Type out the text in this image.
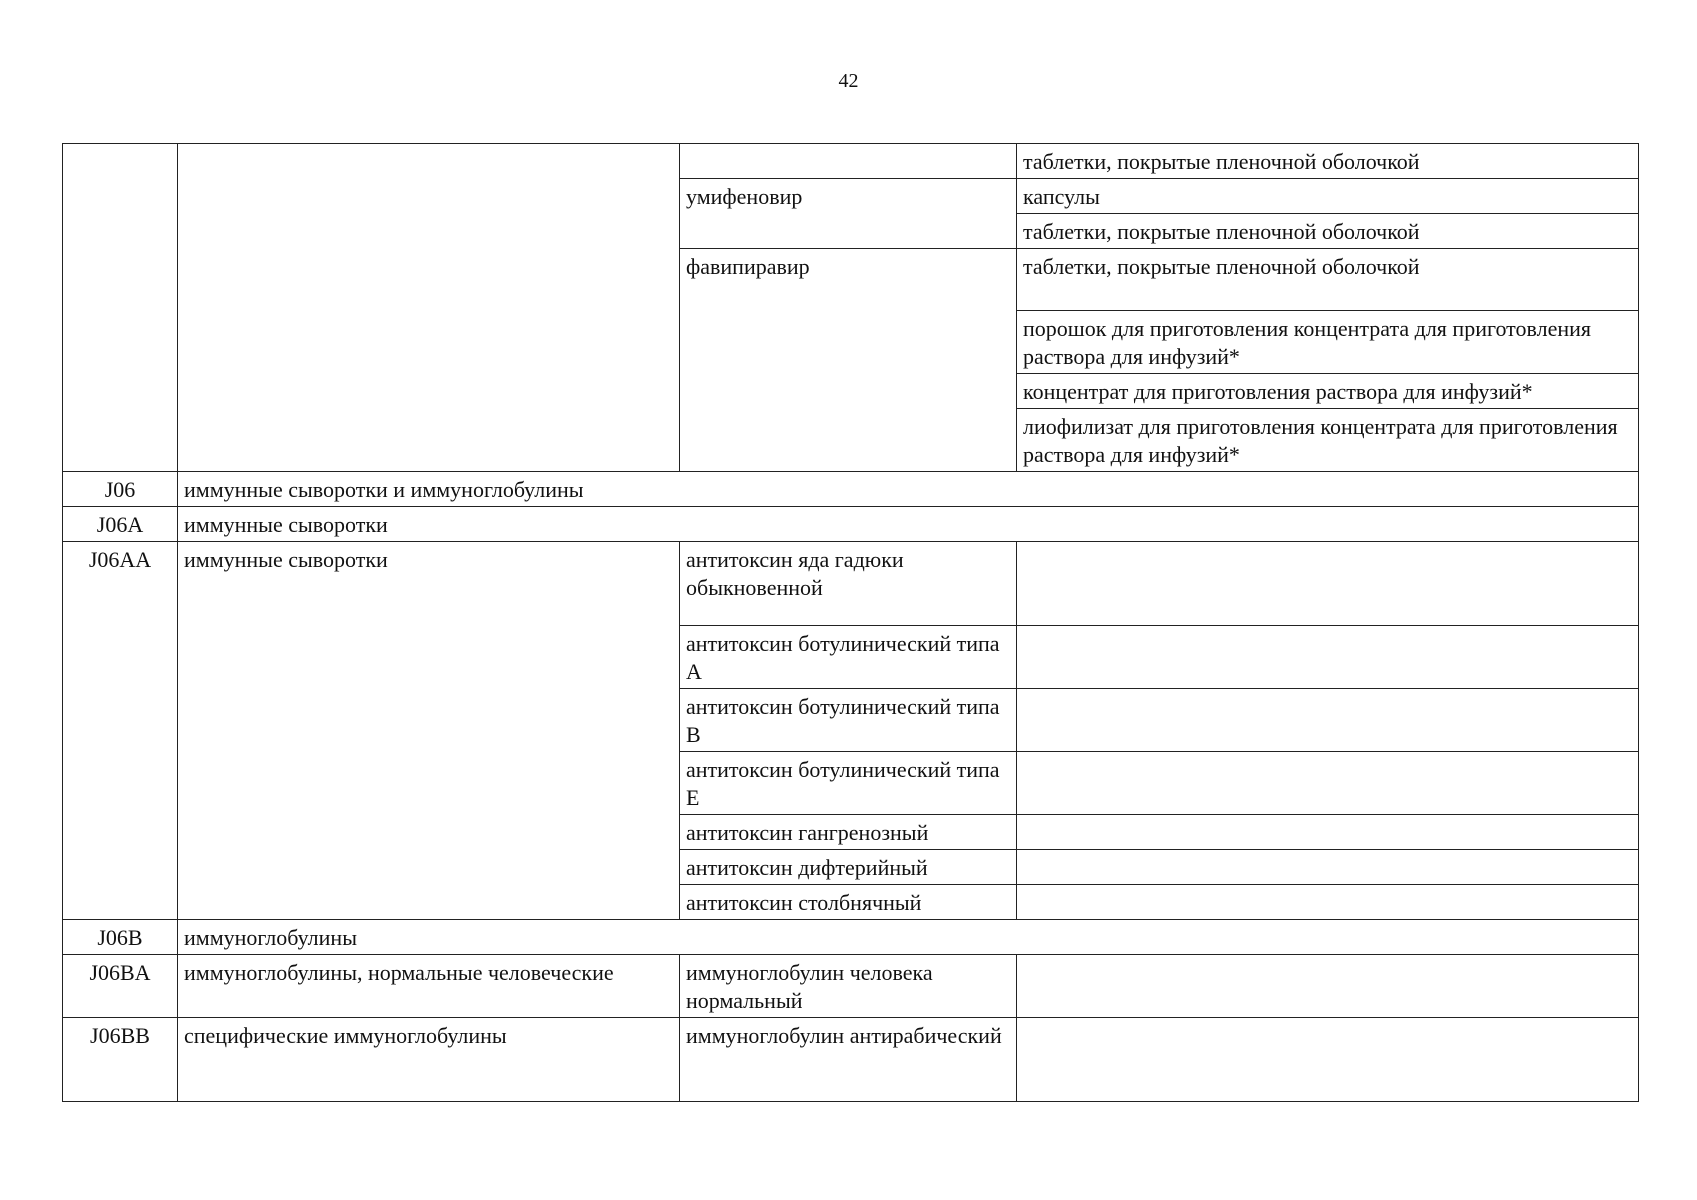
42
			таблетки, покрытые пленочной оболочкой
		умифеновир	капсулы
			таблетки, покрытые пленочной оболочкой
		фавипиравир	таблетки, покрытые пленочной оболочкой
			порошок для приготовления концентрата для приготовления раствора для инфузий*
			концентрат для приготовления раствора для инфузий*
			лиофилизат для приготовления концентрата для приготовления раствора для инфузий*

J06	иммунные сыворотки и иммуноглобулины		
J06A	иммунные сыворотки		
J06AA	иммунные сыворотки	антитоксин яда гадюки обыкновенной	
		антитоксин ботулинический типа A	
		антитоксин ботулинический типа B	
		антитоксин ботулинический типа E	
		антитоксин гангренозный	
		антитоксин дифтерийный	
		антитоксин столбнячный	
J06B	иммуноглобулины		
J06BA	иммуноглобулины, нормальные человеческие	иммуноглобулин человека нормальный	
J06BB	специфические иммуноглобулины	иммуноглобулин антирабический	
